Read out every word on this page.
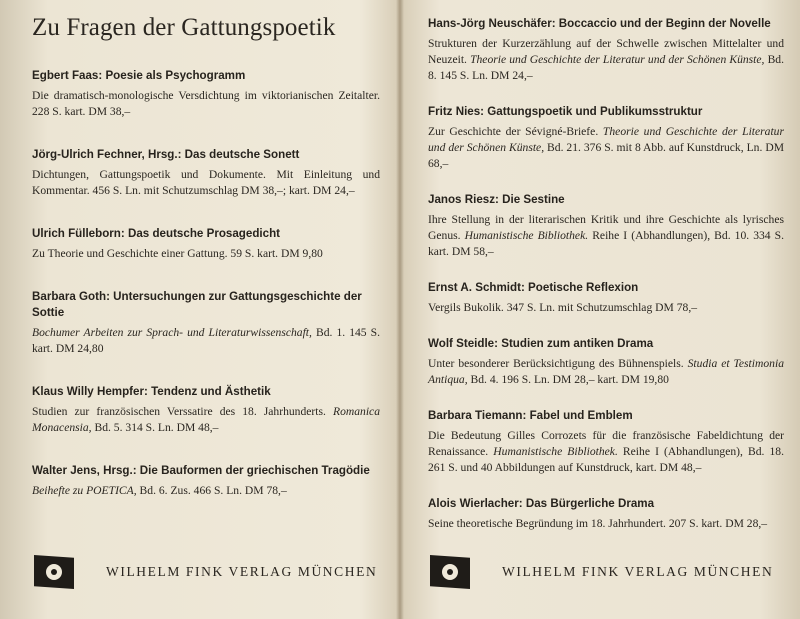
Zu Fragen der Gattungspoetik
Egbert Faas: Poesie als Psychogramm
Die dramatisch-monologische Versdichtung im viktorianischen Zeitalter. 228 S. kart. DM 38,–
Jörg-Ulrich Fechner, Hrsg.: Das deutsche Sonett
Dichtungen, Gattungspoetik und Dokumente. Mit Einleitung und Kommentar. 456 S. Ln. mit Schutzumschlag DM 38,–; kart. DM 24,–
Ulrich Fülleborn: Das deutsche Prosagedicht
Zu Theorie und Geschichte einer Gattung. 59 S. kart. DM 9,80
Barbara Goth: Untersuchungen zur Gattungsgeschichte der Sottie
Bochumer Arbeiten zur Sprach- und Literaturwissenschaft, Bd. 1. 145 S. kart. DM 24,80
Klaus Willy Hempfer: Tendenz und Ästhetik
Studien zur französischen Verssatire des 18. Jahrhunderts. Romanica Monacensia, Bd. 5. 314 S. Ln. DM 48,–
Walter Jens, Hrsg.: Die Bauformen der griechischen Tragödie
Beihefte zu POETICA, Bd. 6. Zus. 466 S. Ln. DM 78,–
WILHELM FINK VERLAG MÜNCHEN
Hans-Jörg Neuschäfer: Boccaccio und der Beginn der Novelle
Strukturen der Kurzerzählung auf der Schwelle zwischen Mittelalter und Neuzeit. Theorie und Geschichte der Literatur und der Schönen Künste, Bd. 8. 145 S. Ln. DM 24,–
Fritz Nies: Gattungspoetik und Publikumsstruktur
Zur Geschichte der Sévigné-Briefe. Theorie und Geschichte der Literatur und der Schönen Künste, Bd. 21. 376 S. mit 8 Abb. auf Kunstdruck, Ln. DM 68,–
Janos Riesz: Die Sestine
Ihre Stellung in der literarischen Kritik und ihre Geschichte als lyrisches Genus. Humanistische Bibliothek. Reihe I (Abhandlungen), Bd. 10. 334 S. kart. DM 58,–
Ernst A. Schmidt: Poetische Reflexion
Vergils Bukolik. 347 S. Ln. mit Schutzumschlag DM 78,–
Wolf Steidle: Studien zum antiken Drama
Unter besonderer Berücksichtigung des Bühnenspiels. Studia et Testimonia Antiqua, Bd. 4. 196 S. Ln. DM 28,– kart. DM 19,80
Barbara Tiemann: Fabel und Emblem
Die Bedeutung Gilles Corrozets für die französische Fabeldichtung der Renaissance. Humanistische Bibliothek. Reihe I (Abhandlungen), Bd. 18. 261 S. und 40 Abbildungen auf Kunstdruck, kart. DM 48,–
Alois Wierlacher: Das Bürgerliche Drama
Seine theoretische Begründung im 18. Jahrhundert. 207 S. kart. DM 28,–
WILHELM FINK VERLAG MÜNCHEN
